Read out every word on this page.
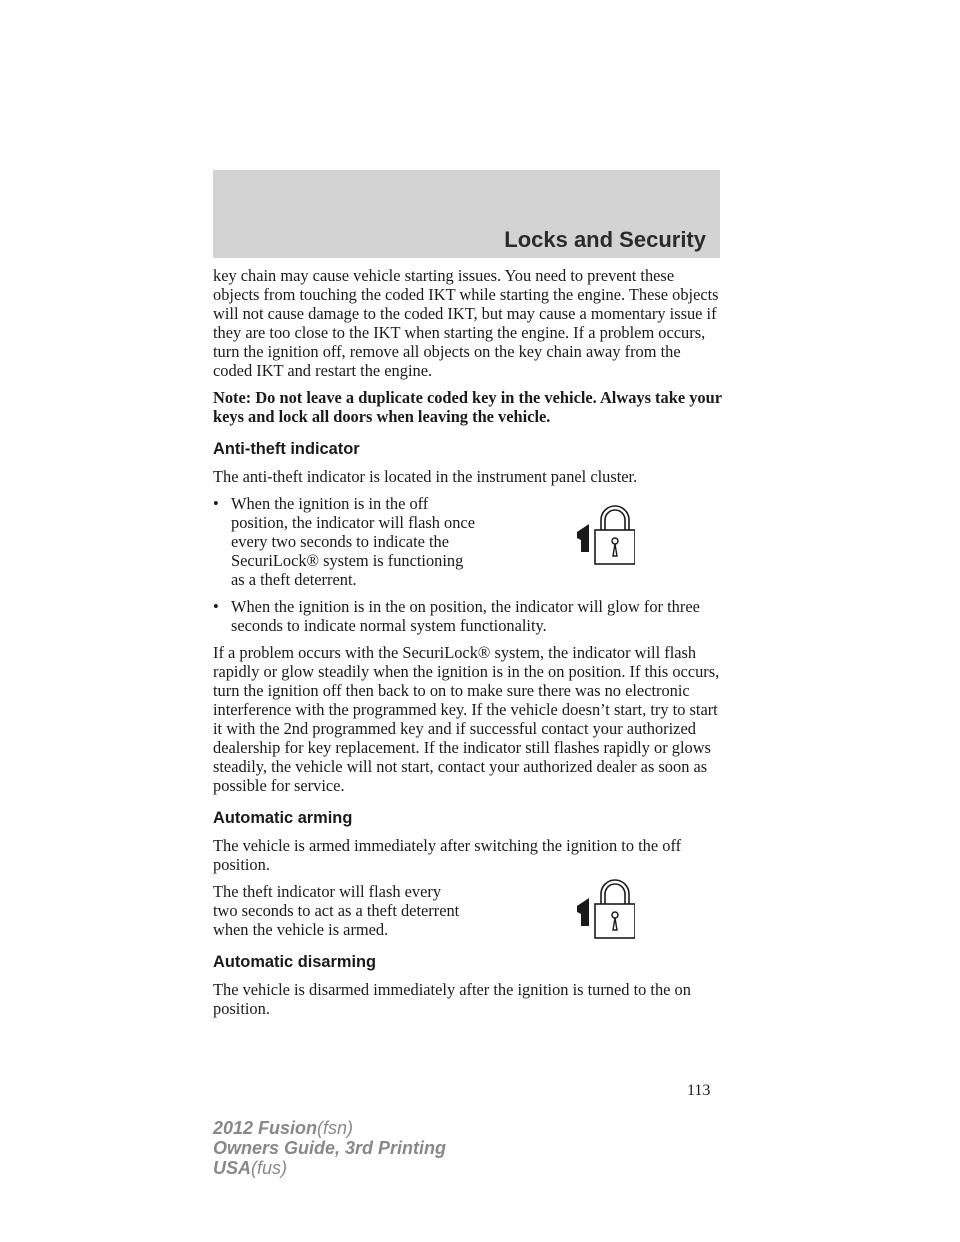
Locks and Security

key chain may cause vehicle starting issues. You need to prevent these objects from touching the coded IKT while starting the engine. These objects will not cause damage to the coded IKT, but may cause a momentary issue if they are too close to the IKT when starting the engine. If a problem occurs, turn the ignition off, remove all objects on the key chain away from the coded IKT and restart the engine.

Note: Do not leave a duplicate coded key in the vehicle. Always take your keys and lock all doors when leaving the vehicle.

Anti-theft indicator

The anti-theft indicator is located in the instrument panel cluster.

• When the ignition is in the off position, the indicator will flash once every two seconds to indicate the SecuriLock® system is functioning as a theft deterrent.
• When the ignition is in the on position, the indicator will glow for three seconds to indicate normal system functionality.

If a problem occurs with the SecuriLock® system, the indicator will flash rapidly or glow steadily when the ignition is in the on position. If this occurs, turn the ignition off then back to on to make sure there was no electronic interference with the programmed key. If the vehicle doesn’t start, try to start it with the 2nd programmed key and if successful contact your authorized dealership for key replacement. If the indicator still flashes rapidly or glows steadily, the vehicle will not start, contact your authorized dealer as soon as possible for service.

Automatic arming

The vehicle is armed immediately after switching the ignition to the off position.

The theft indicator will flash every two seconds to act as a theft deterrent when the vehicle is armed.

Automatic disarming

The vehicle is disarmed immediately after the ignition is turned to the on position.

113
2012 Fusion(fsn)
Owners Guide, 3rd Printing
USA(fus)
